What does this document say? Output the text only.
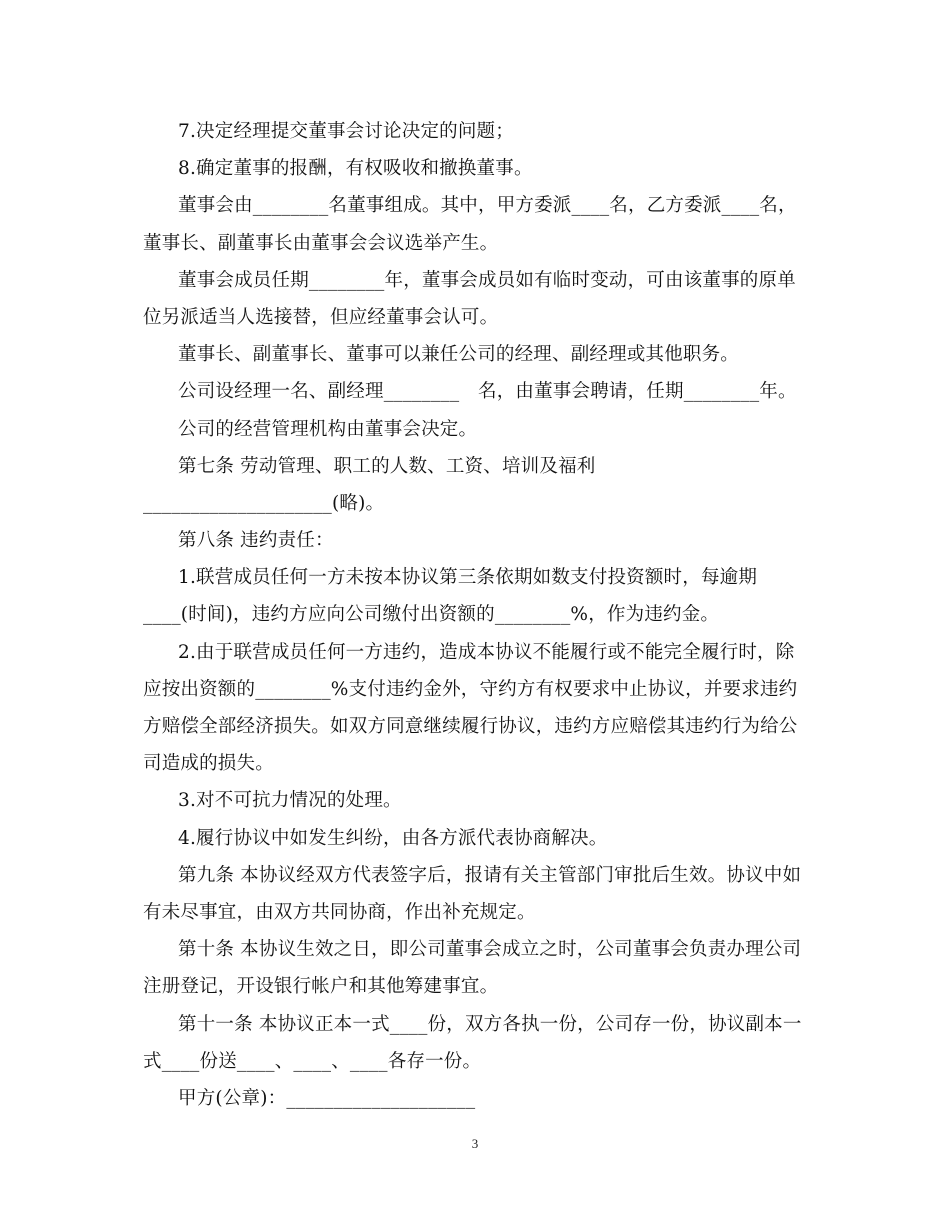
7.决定经理提交董事会讨论决定的问题；
8.确定董事的报酬，有权吸收和撤换董事。
董事会由________名董事组成。其中，甲方委派____名，乙方委派____名，
董事长、副董事长由董事会会议选举产生。
董事会成员任期________年，董事会成员如有临时变动，可由该董事的原单
位另派适当人选接替，但应经董事会认可。
董事长、副董事长、董事可以兼任公司的经理、副经理或其他职务。
公司设经理一名、副经理________　名，由董事会聘请，任期________年。
公司的经营管理机构由董事会决定。
第七条 劳动管理、职工的人数、工资、培训及福利
____________________(略)。
第八条 违约责任：
1.联营成员任何一方未按本协议第三条依期如数支付投资额时，每逾期
____(时间)，违约方应向公司缴付出资额的________%，作为违约金。
2.由于联营成员任何一方违约，造成本协议不能履行或不能完全履行时，除
应按出资额的________%支付违约金外，守约方有权要求中止协议，并要求违约
方赔偿全部经济损失。如双方同意继续履行协议，违约方应赔偿其违约行为给公
司造成的损失。
3.对不可抗力情况的处理。
4.履行协议中如发生纠纷，由各方派代表协商解决。
第九条 本协议经双方代表签字后，报请有关主管部门审批后生效。协议中如
有未尽事宜，由双方共同协商，作出补充规定。
第十条 本协议生效之日，即公司董事会成立之时，公司董事会负责办理公司
注册登记，开设银行帐户和其他筹建事宜。
第十一条 本协议正本一式____份，双方各执一份，公司存一份，协议副本一
式____份送____、____、____各存一份。
甲方(公章)：____________________
3
